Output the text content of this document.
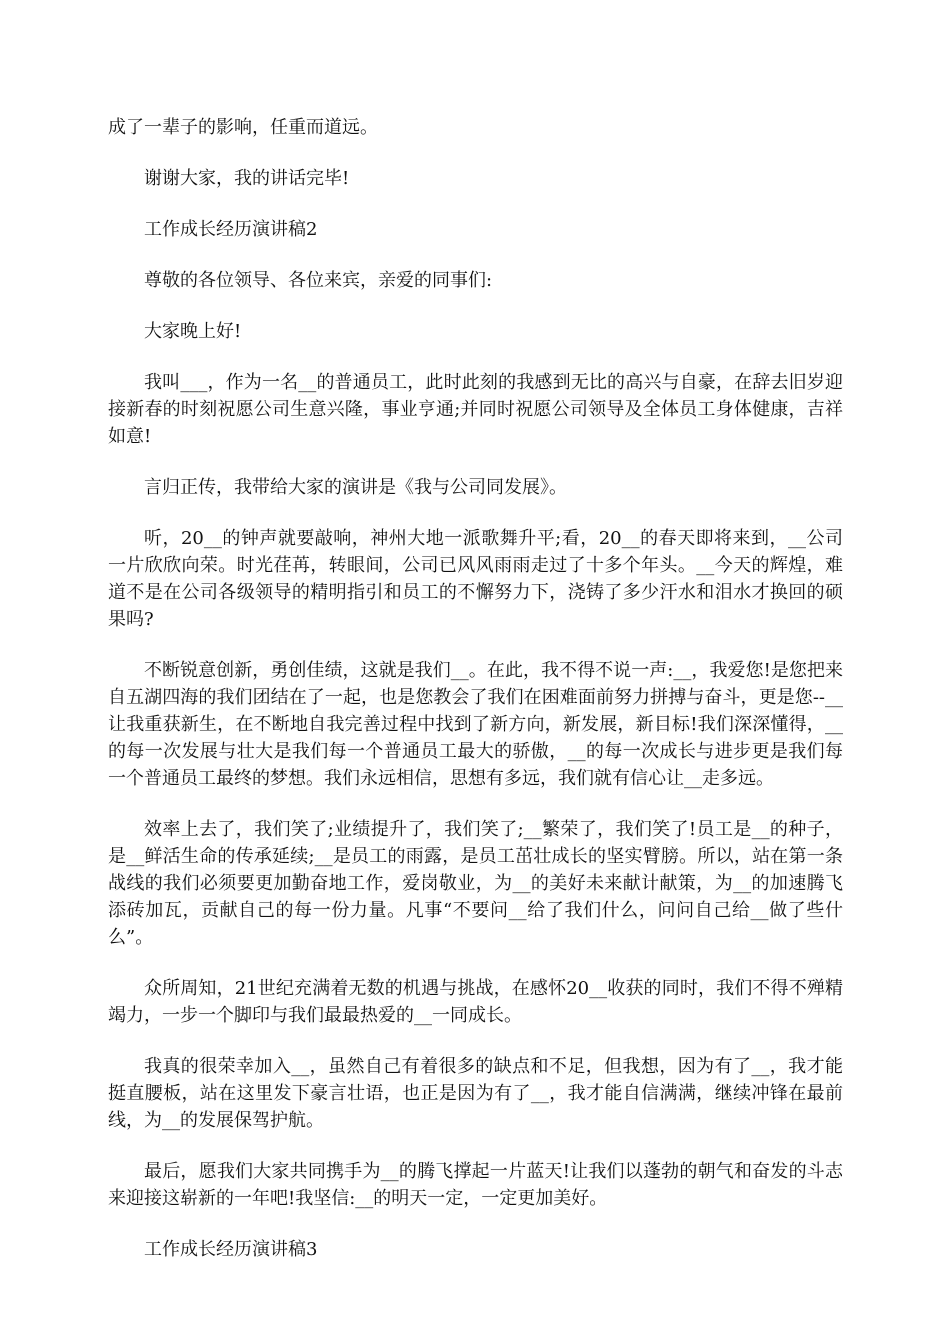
成了一辈子的影响，任重而道远。

谢谢大家，我的讲话完毕!

工作成长经历演讲稿2

尊敬的各位领导、各位来宾，亲爱的同事们:

大家晚上好!

我叫___，作为一名__的普通员工，此时此刻的我感到无比的高兴与自豪，在辞去旧岁迎接新春的时刻祝愿公司生意兴隆，事业亨通;并同时祝愿公司领导及全体员工身体健康，吉祥如意!

言归正传，我带给大家的演讲是《我与公司同发展》。

听，20__的钟声就要敲响，神州大地一派歌舞升平;看，20__的春天即将来到，__公司一片欣欣向荣。时光荏苒，转眼间，公司已风风雨雨走过了十多个年头。__今天的辉煌，难道不是在公司各级领导的精明指引和员工的不懈努力下，浇铸了多少汗水和泪水才换回的硕果吗?

不断锐意创新，勇创佳绩，这就是我们__。在此，我不得不说一声:__，我爱您!是您把来自五湖四海的我们团结在了一起，也是您教会了我们在困难面前努力拼搏与奋斗，更是您--__让我重获新生，在不断地自我完善过程中找到了新方向，新发展，新目标!我们深深懂得，__的每一次发展与壮大是我们每一个普通员工最大的骄傲，__的每一次成长与进步更是我们每一个普通员工最终的梦想。我们永远相信，思想有多远，我们就有信心让__走多远。

效率上去了，我们笑了;业绩提升了，我们笑了;__繁荣了，我们笑了!员工是__的种子，是__鲜活生命的传承延续;__是员工的雨露，是员工茁壮成长的坚实臂膀。所以，站在第一条战线的我们必须要更加勤奋地工作，爱岗敬业，为__的美好未来献计献策，为__的加速腾飞添砖加瓦，贡献自己的每一份力量。凡事“不要问__给了我们什么，问问自己给__做了些什么”。

众所周知，21世纪充满着无数的机遇与挑战，在感怀20__收获的同时，我们不得不殚精竭力，一步一个脚印与我们最最热爱的__一同成长。

我真的很荣幸加入__，虽然自己有着很多的缺点和不足，但我想，因为有了__，我才能挺直腰板，站在这里发下豪言壮语，也正是因为有了__，我才能自信满满，继续冲锋在最前线，为__的发展保驾护航。

最后，愿我们大家共同携手为__的腾飞撑起一片蓝天!让我们以蓬勃的朝气和奋发的斗志来迎接这崭新的一年吧!我坚信:__的明天一定，一定更加美好。

工作成长经历演讲稿3
